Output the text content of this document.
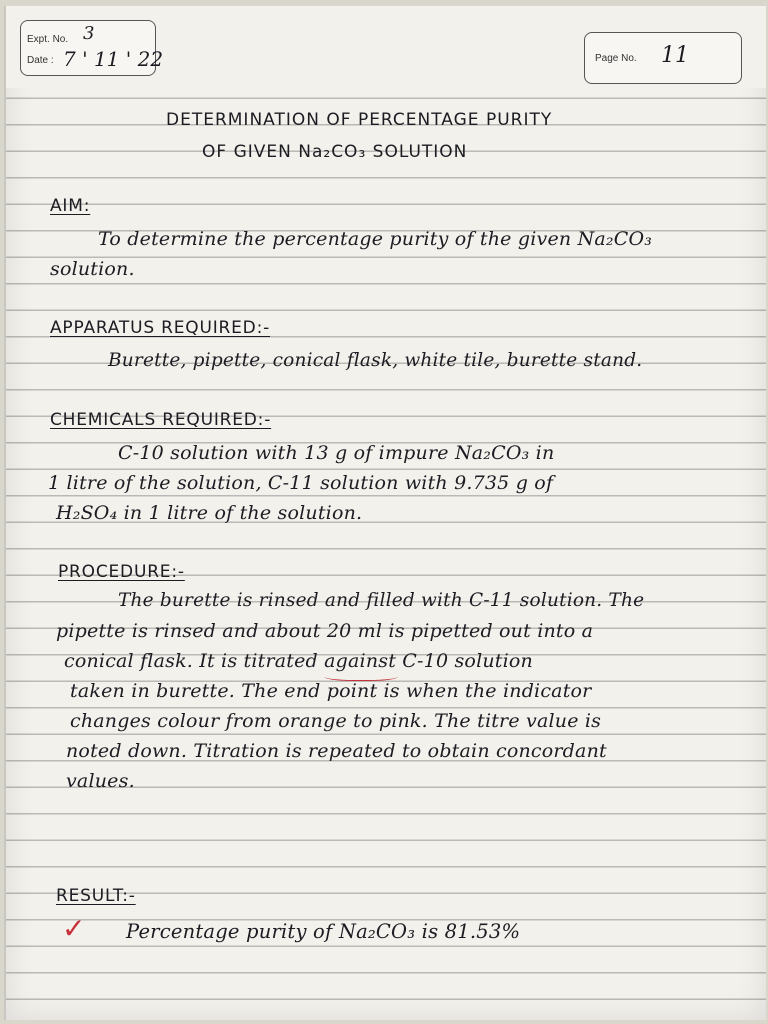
Expt. No. 3
Date : 7 ' 11 ' 22	Page No. 11
DETERMINATION OF PERCENTAGE PURITY
OF GIVEN Na₂CO₃ SOLUTION
AIM:
To determine the percentage purity of the given Na₂CO₃
solution.
APPARATUS REQUIRED:-
Burette, pipette, conical flask, white tile, burette stand.
CHEMICALS REQUIRED:-
C-10 solution with 13 g of impure Na₂CO₃ in
1 litre of the solution, C-11 solution with 9.735 g of
H₂SO₄ in 1 litre of the solution.
PROCEDURE:-
The burette is rinsed and filled with C-11 solution. The
pipette is rinsed and about 20 ml is pipetted out into a
conical flask. It is titrated against C-10 solution
taken in burette. The end point is when the indicator
changes colour from orange to pink. The titre value is
noted down. Titration is repeated to obtain concordant
values.
RESULT:-
✓ Percentage purity of Na₂CO₃ is 81.53%
